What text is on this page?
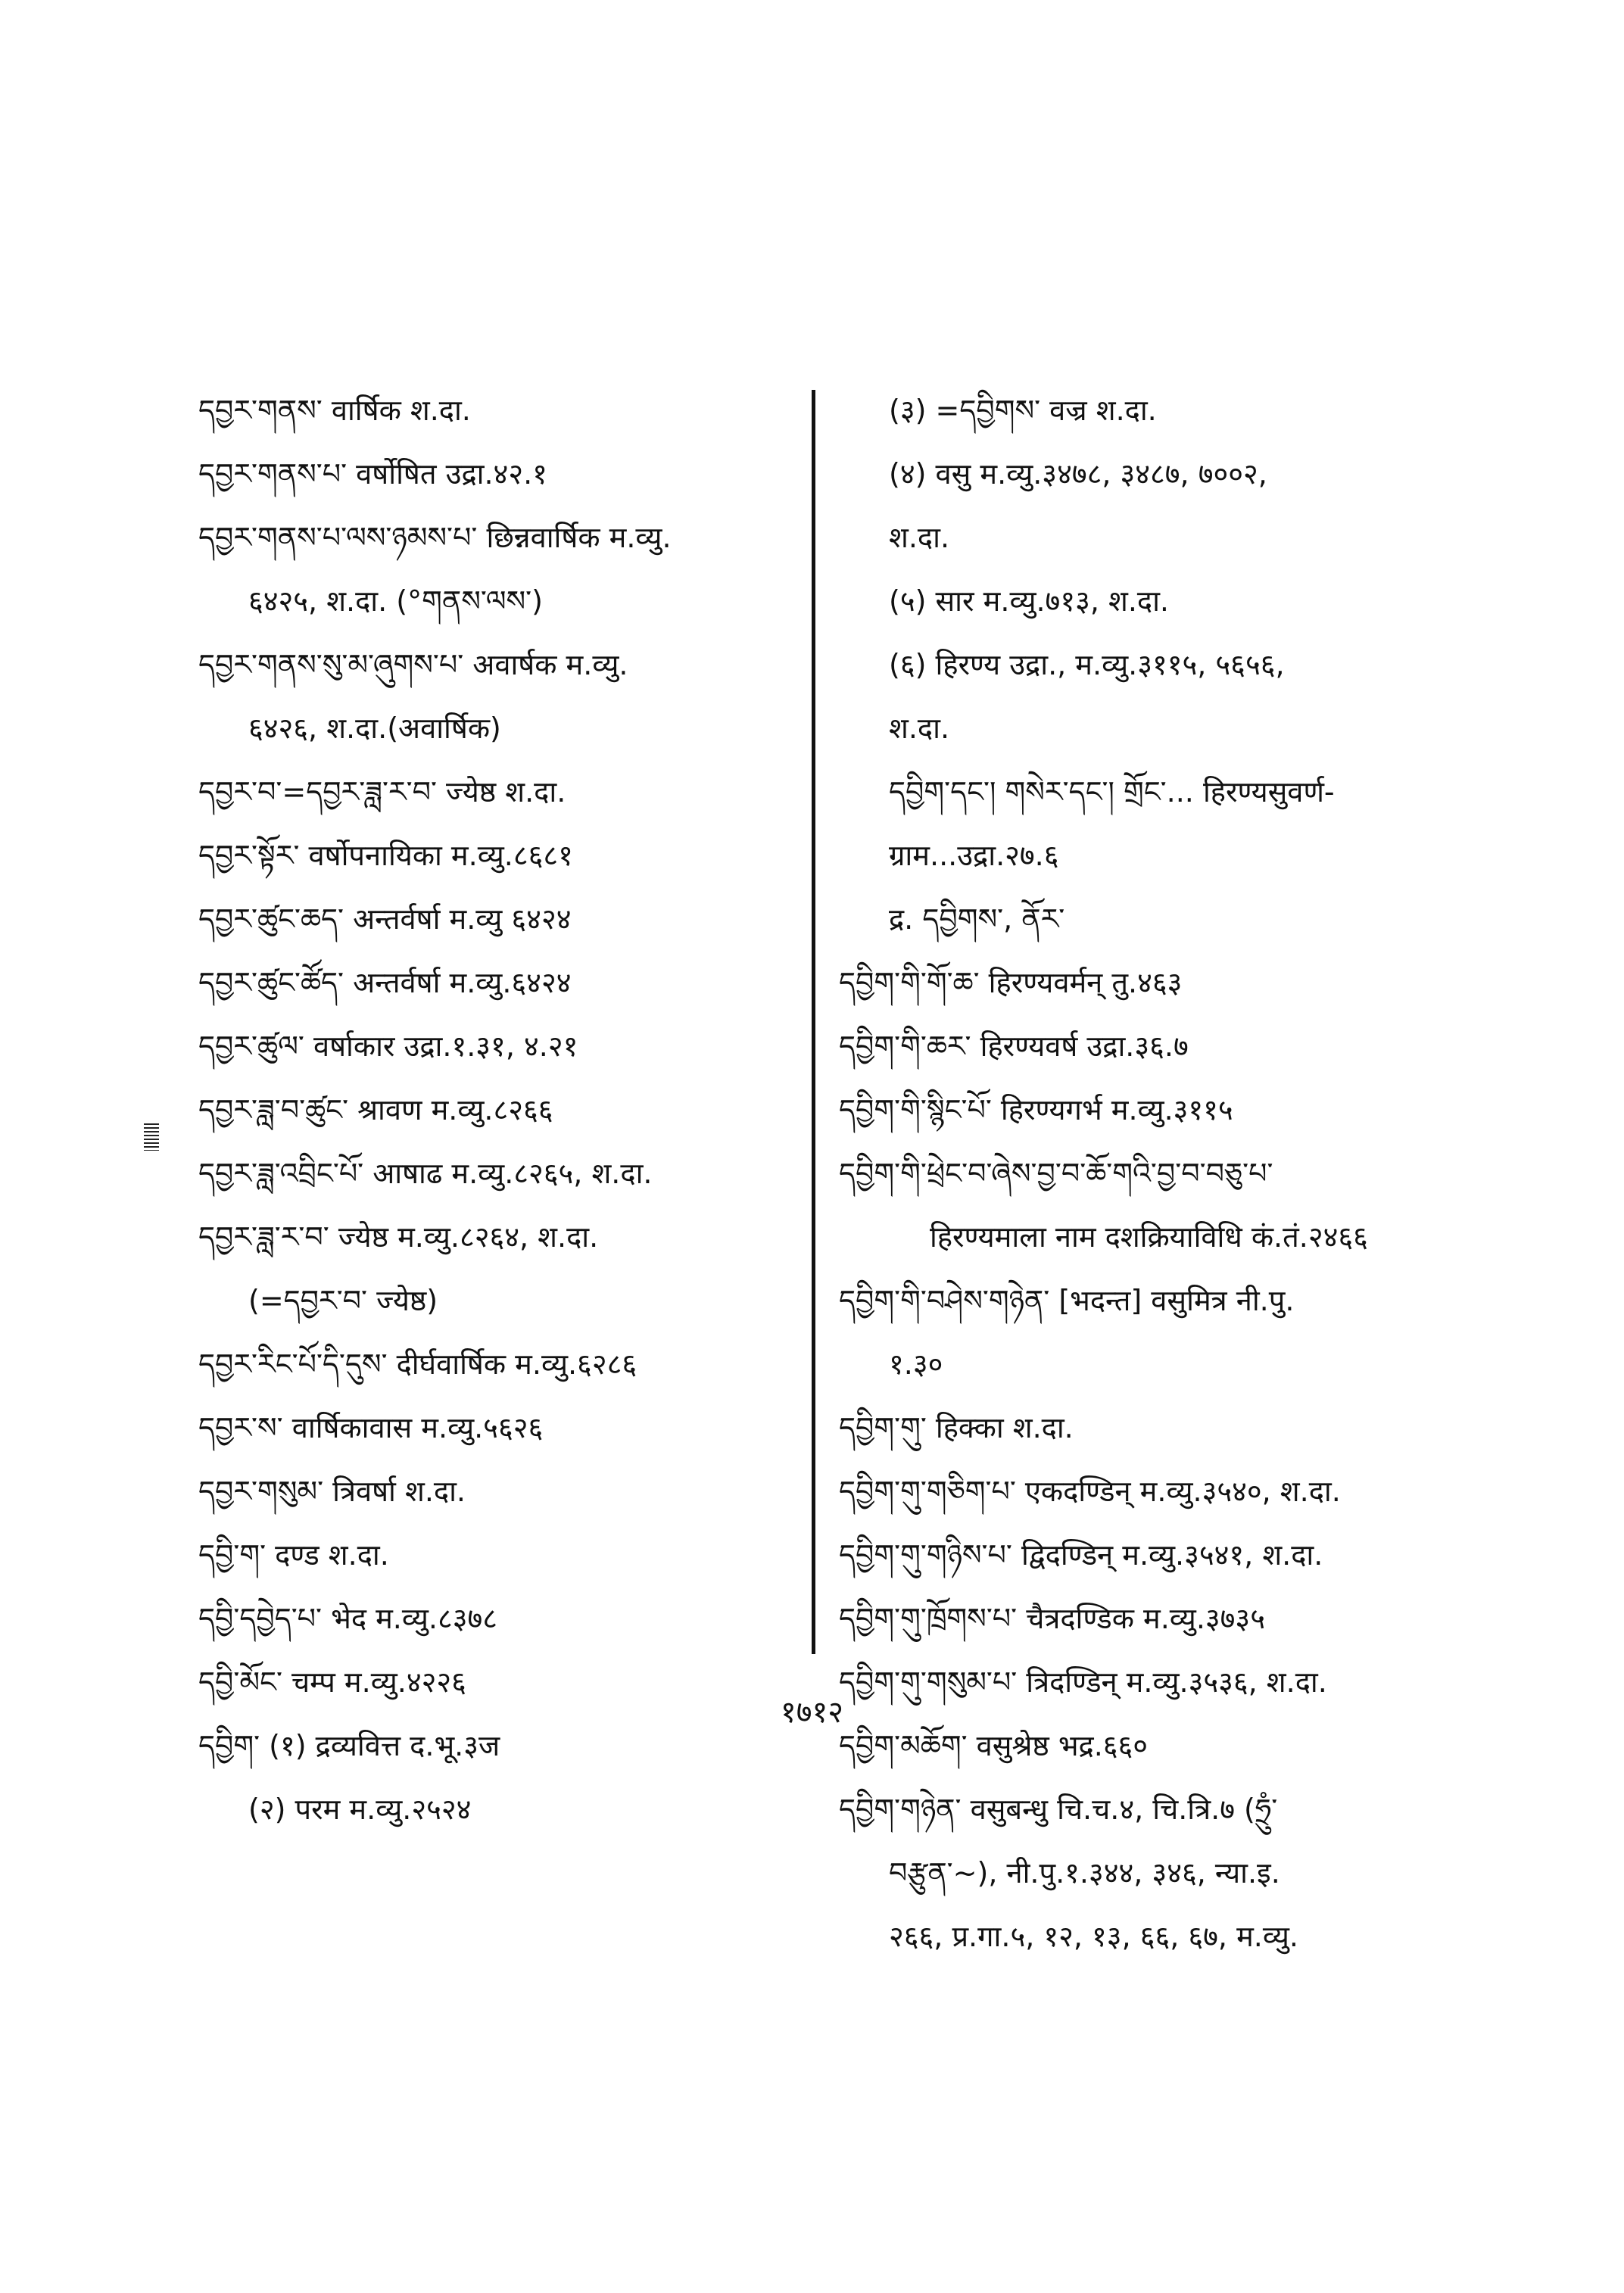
དབྱར་གནས་ वार्षिक श.दा.
དབྱར་གནས་པ་ वर्षोषित उद्रा.४२.१
དབྱར་གནས་པ་ལས་ཉམས་པ་ छिन्नवार्षिक म.व्यु.
६४२५, श.दा. (°གནས་ལས་)
དབྱར་གནས་སུ་མ་ཞུགས་པ་ अवार्षक म.व्यु.
६४२६, श.दा.(अवार्षिक)
དབྱར་བ་=དབྱར་ཟླ་ར་བ་ ज्येष्ठ श.दा.
དབྱར་སྟོར་ वर्षोपनायिका म.व्यु.८६८१
དབྱར་ཚུང་ཆད་ अन्तर्वर्षा म.व्यु ६४२४
དབྱར་ཚུང་ཚོད་ अन्तर्वर्षा म.व्यु.६४२४
དབྱར་ཚུལ་ वर्षाकार उद्रा.१.३१, ४.२१
དབྱར་ཟླ་བ་ཚུང་ श्रावण म.व्यु.८२६६
དབྱར་ཟླ་འབྲིང་པོ་ आषाढ म.व्यु.८२६५, श.दा.
དབྱར་ཟླ་ར་བ་ ज्येष्ठ म.व्यु.८२६४, श.दा.
(=དབྱར་བ་ ज्येष्ठ)
དབྱར་རིང་པོ་དི་དུས་ दीर्घवार्षिक म.व्यु.६२८६
དབྱར་ས་ वार्षिकावास म.व्यु.५६२६
དབྱར་གསུམ་ त्रिवर्षा श.दा.
དབྱི་ག་ दण्ड श.दा.
དབྱི་དབྱེད་པ་ भेद म.व्यु.८३७८
དབྱི་མོང་ चम्प म.व्यु.४२२६
དབྱིག་ (१) द्रव्यवित्त द.भू.३ज
(२) परम म.व्यु.२५२४
(३) =དབྱིགས་ वज्र श.दा.
(४) वसु म.व्यु.३४७८, ३४८७, ७००२,
श.दा.
(५) सार म.व्यु.७१३, श.दा.
(६) हिरण्य उद्रा., म.व्यु.३११५, ५६५६,
श.दा.
དབྱིག་དང་། གསེར་དང་། གྲོང་... हिरण्यसुवर्ण-
ग्राम...उद्रा.२७.६
द्र. དབྱིགས་, ནོར་
དབྱིག་གི་གོ་ཆ་ हिरण्यवर्मन् तु.४६३
དབྱིག་གི་ཆར་ हिरण्यवर्ष उद्रा.३६.७
དབྱིག་གི་སྙིང་པོ་ हिरण्यगर्भ म.व्यु.३११५
དབྱིག་གི་ཕྲེང་བ་ཞེས་བྱ་བ་ཆོ་གའི་བྱ་བ་བཅུ་པ་
हिरण्यमाला नाम दशक्रियाविधि कं.तं.२४६६
དབྱིག་གི་བཤེས་གཉེན་ [भदन्त] वसुमित्र नी.पु.
१.३०
དབྱིག་གུ་ हिक्का श.दा.
དབྱིག་གུ་གཅིག་པ་ एकदण्डिन् म.व्यु.३५४०, श.दा.
དབྱིག་གུ་གཉིས་པ་ द्विदण्डिन् म.व्यु.३५४१, श.दा.
དབྱིག་གུ་ཁྲོགས་པ་ चैत्रदण्डिक म.व्यु.३७३५
དབྱིག་གུ་གསུམ་པ་ त्रिदण्डिन् म.व्यु.३५३६, श.दा.
དབྱིག་མཆོག་ वसुश्रेष्ठ भद्र.६६०
དབྱིག་གཉེན་ वसुबन्धु चि.च.४, चि.त्रि.७ (ཧྲུཾ་
བརྩུན་~), नी.पु.१.३४४, ३४६, न्या.इ.
२६६, प्र.गा.५, १२, १३, ६६, ६७, म.व्यु.
१७१२
